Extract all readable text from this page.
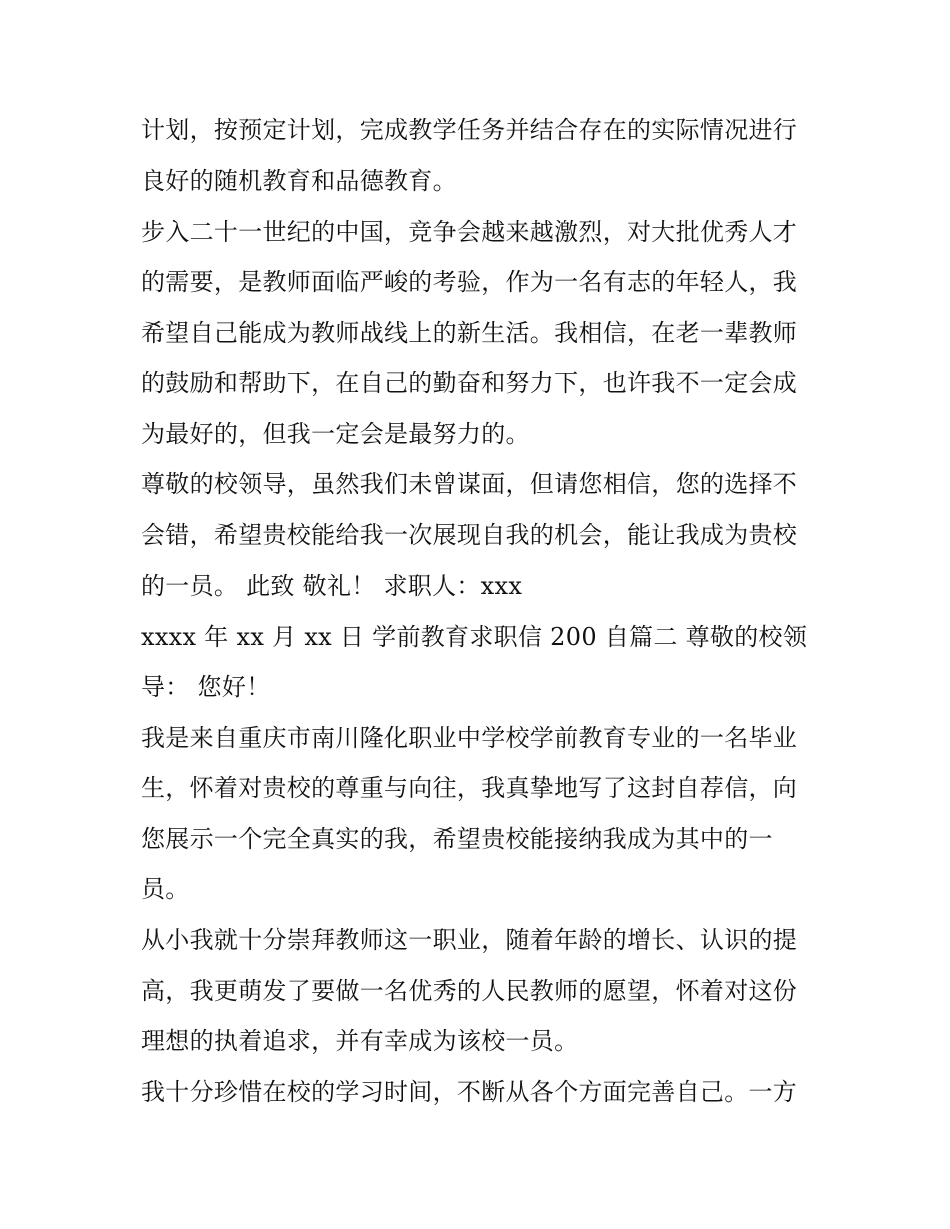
计划，按预定计划，完成教学任务并结合存在的实际情况进行
良好的随机教育和品德教育。
步入二十一世纪的中国，竞争会越来越激烈，对大批优秀人才
的需要，是教师面临严峻的考验，作为一名有志的年轻人，我
希望自己能成为教师战线上的新生活。我相信，在老一辈教师
的鼓励和帮助下，在自己的勤奋和努力下，也许我不一定会成
为最好的，但我一定会是最努力的。
尊敬的校领导，虽然我们未曾谋面，但请您相信，您的选择不
会错，希望贵校能给我一次展现自我的机会，能让我成为贵校
的一员。 此致 敬礼！ 求职人：xxx
xxxx 年 xx 月 xx 日 学前教育求职信 200 自篇二 尊敬的校领
导： 您好！
我是来自重庆市南川隆化职业中学校学前教育专业的一名毕业
生，怀着对贵校的尊重与向往，我真挚地写了这封自荐信，向
您展示一个完全真实的我，希望贵校能接纳我成为其中的一
员。
从小我就十分崇拜教师这一职业，随着年龄的增长、认识的提
高，我更萌发了要做一名优秀的人民教师的愿望，怀着对这份
理想的执着追求，并有幸成为该校一员。
我十分珍惜在校的学习时间，不断从各个方面完善自己。一方
